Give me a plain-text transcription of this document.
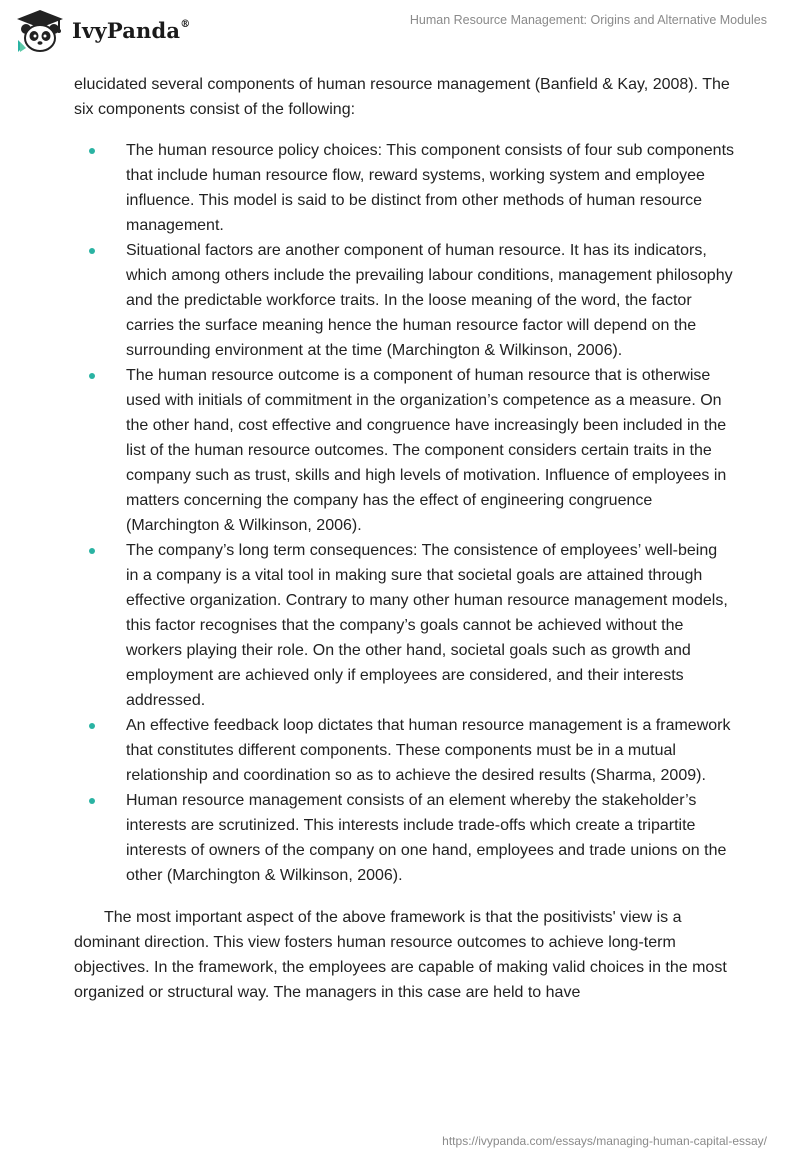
IvyPanda®	Human Resource Management: Origins and Alternative Modules

elucidated several components of human resource management (Banfield & Kay, 2008). The six components consist of the following:

The human resource policy choices: This component consists of four sub components that include human resource flow, reward systems, working system and employee influence. This model is said to be distinct from other methods of human resource management.
Situational factors are another component of human resource. It has its indicators, which among others include the prevailing labour conditions, management philosophy and the predictable workforce traits. In the loose meaning of the word, the factor carries the surface meaning hence the human resource factor will depend on the surrounding environment at the time (Marchington & Wilkinson, 2006).
The human resource outcome is a component of human resource that is otherwise used with initials of commitment in the organization’s competence as a measure. On the other hand, cost effective and congruence have increasingly been included in the list of the human resource outcomes. The component considers certain traits in the company such as trust, skills and high levels of motivation. Influence of employees in matters concerning the company has the effect of engineering congruence (Marchington & Wilkinson, 2006).
The company’s long term consequences: The consistence of employees’ well-being in a company is a vital tool in making sure that societal goals are attained through effective organization. Contrary to many other human resource management models, this factor recognises that the company’s goals cannot be achieved without the workers playing their role. On the other hand, societal goals such as growth and employment are achieved only if employees are considered, and their interests addressed.
An effective feedback loop dictates that human resource management is a framework that constitutes different components. These components must be in a mutual relationship and coordination so as to achieve the desired results (Sharma, 2009).
Human resource management consists of an element whereby the stakeholder’s interests are scrutinized. This interests include trade-offs which create a tripartite interests of owners of the company on one hand, employees and trade unions on the other (Marchington & Wilkinson, 2006).

The most important aspect of the above framework is that the positivists' view is a dominant direction. This view fosters human resource outcomes to achieve long-term objectives. In the framework, the employees are capable of making valid choices in the most organized or structural way. The managers in this case are held to have

https://ivypanda.com/essays/managing-human-capital-essay/
